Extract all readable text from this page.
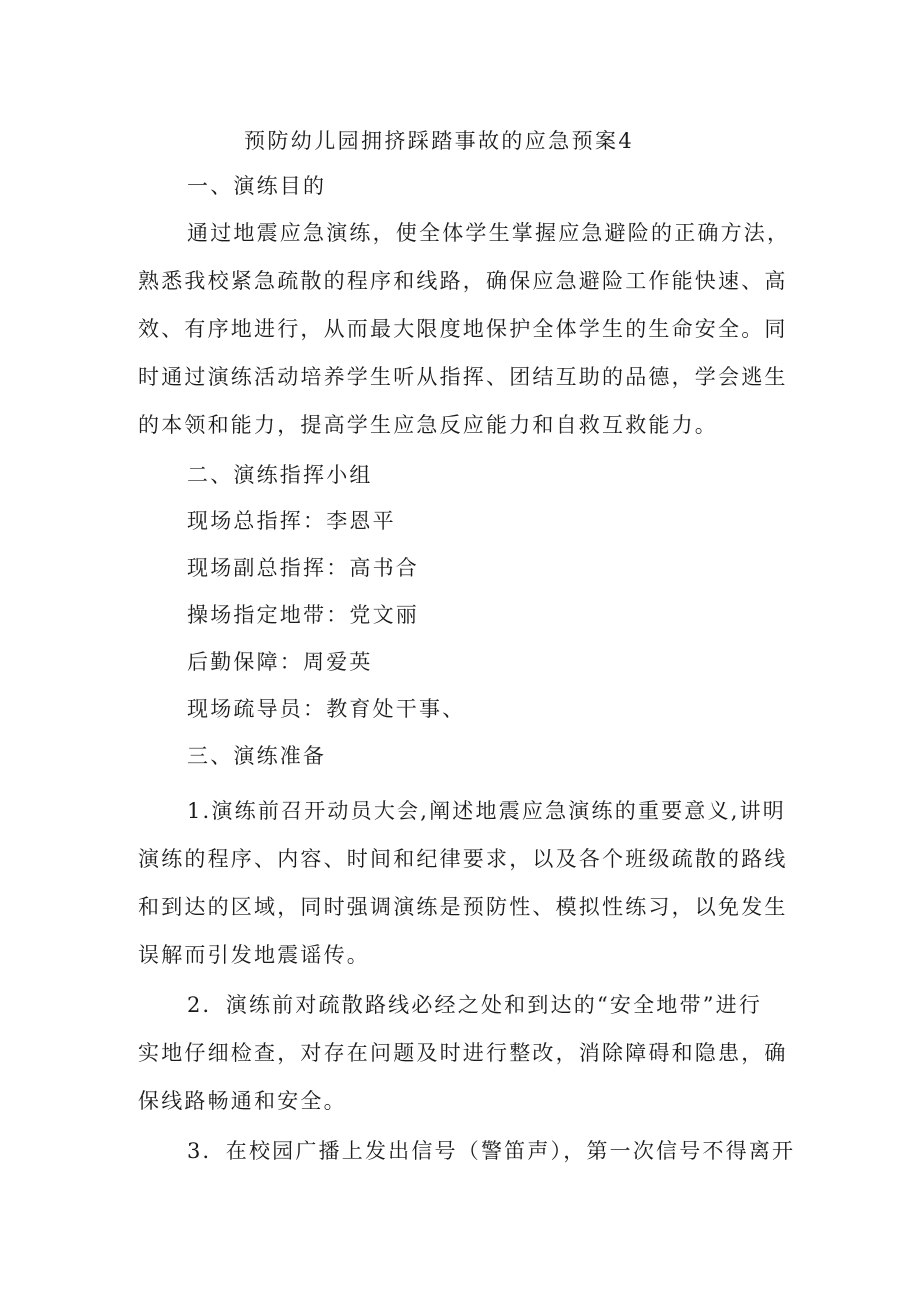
预防幼儿园拥挤踩踏事故的应急预案4
一、演练目的
通过地震应急演练，使全体学生掌握应急避险的正确方法，
熟悉我校紧急疏散的程序和线路，确保应急避险工作能快速、高
效、有序地进行，从而最大限度地保护全体学生的生命安全。同
时通过演练活动培养学生听从指挥、团结互助的品德，学会逃生
的本领和能力，提高学生应急反应能力和自救互救能力。
二、演练指挥小组
现场总指挥：李恩平
现场副总指挥：高书合
操场指定地带：党文丽
后勤保障：周爱英
现场疏导员：教育处干事、
三、演练准备
1.演练前召开动员大会,阐述地震应急演练的重要意义,讲明
演练的程序、内容、时间和纪律要求，以及各个班级疏散的路线
和到达的区域，同时强调演练是预防性、模拟性练习，以免发生
误解而引发地震谣传。
2．演练前对疏散路线必经之处和到达的“安全地带”进行
实地仔细检查，对存在问题及时进行整改，消除障碍和隐患，确
保线路畅通和安全。
3．在校园广播上发出信号（警笛声），第一次信号不得离开
